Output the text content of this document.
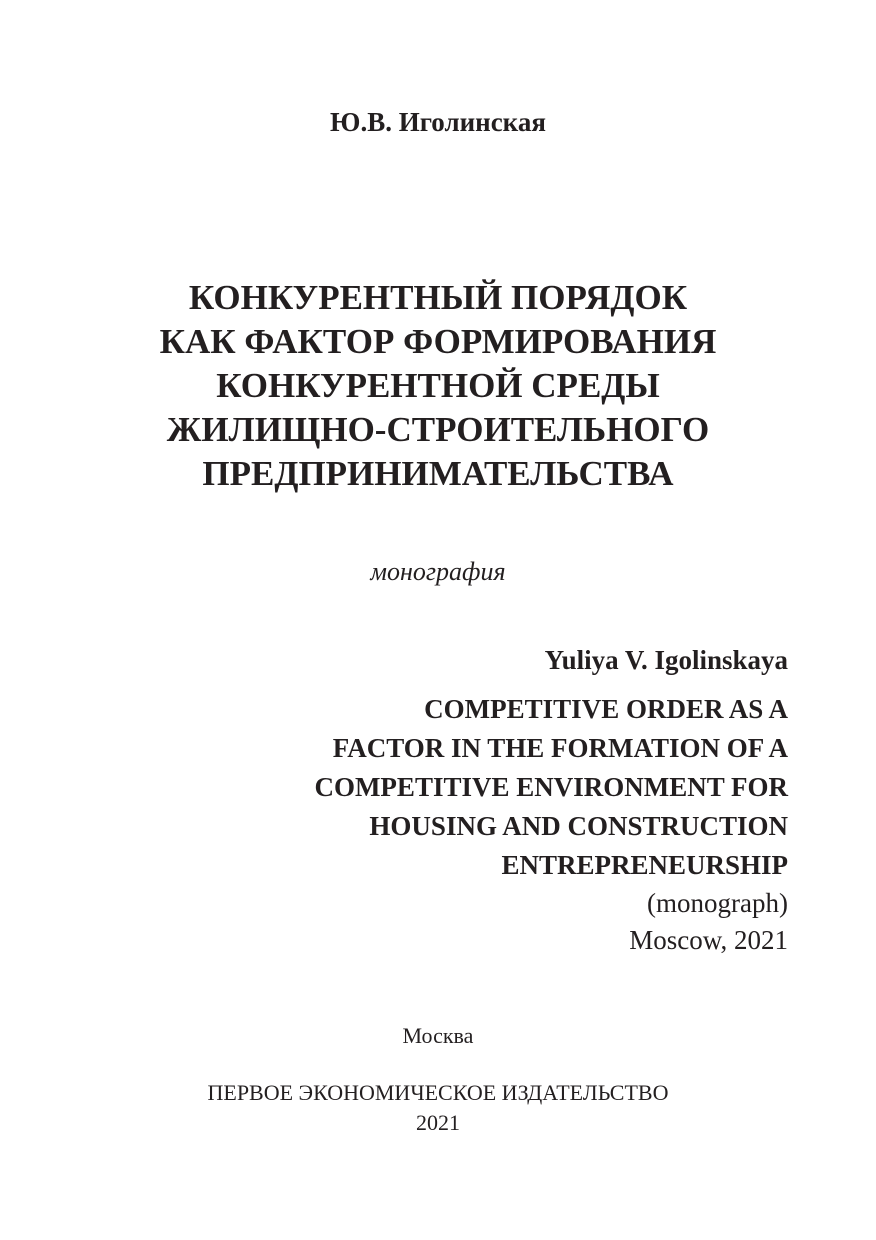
Ю.В. Иголинская
КОНКУРЕНТНЫЙ ПОРЯДОК
КАК ФАКТОР ФОРМИРОВАНИЯ
КОНКУРЕНТНОЙ СРЕДЫ
ЖИЛИЩНО-СТРОИТЕЛЬНОГО
ПРЕДПРИНИМАТЕЛЬСТВА
монография
Yuliya V. Igolinskaya
COMPETITIVE ORDER AS A
FACTOR IN THE FORMATION OF A
COMPETITIVE ENVIRONMENT FOR
HOUSING AND CONSTRUCTION
ENTREPRENEURSHIP
(monograph)
Moscow, 2021
Москва
ПЕРВОЕ ЭКОНОМИЧЕСКОЕ ИЗДАТЕЛЬСТВО
2021
